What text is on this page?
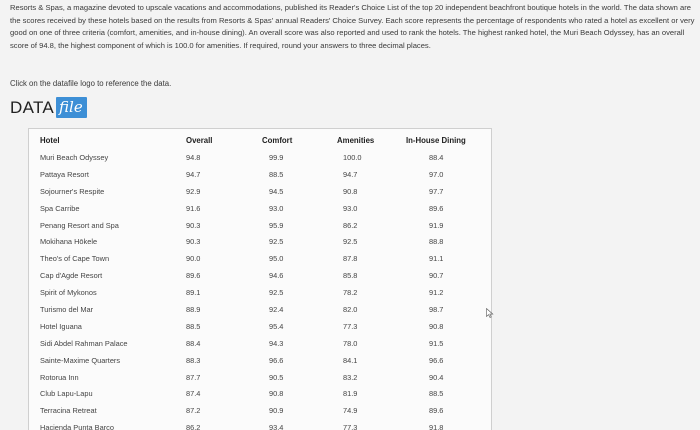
Resorts & Spas, a magazine devoted to upscale vacations and accommodations, published its Reader's Choice List of the top 20 independent beachfront boutique hotels in the world. The data shown are the scores received by these hotels based on the results from Resorts & Spas' annual Readers' Choice Survey. Each score represents the percentage of respondents who rated a hotel as excellent or very good on one of three criteria (comfort, amenities, and in-house dining). An overall score was also reported and used to rank the hotels. The highest ranked hotel, the Muri Beach Odyssey, has an overall score of 94.8, the highest component of which is 100.0 for amenities. If required, round your answers to three decimal places.
Click on the datafile logo to reference the data.
DATA file
Hotel	Overall	Comfort	Amenities	In-House Dining
Muri Beach Odyssey	94.8	99.9	100.0	88.4
Pattaya Resort	94.7	88.5	94.7	97.0
Sojourner's Respite	92.9	94.5	90.8	97.7
Spa Carribe	91.6	93.0	93.0	89.6
Penang Resort and Spa	90.3	95.9	86.2	91.9
Mokihana Hōkele	90.3	92.5	92.5	88.8
Theo's of Cape Town	90.0	95.0	87.8	91.1
Cap d'Agde Resort	89.6	94.6	85.8	90.7
Spirit of Mykonos	89.1	92.5	78.2	91.2
Turismo del Mar	88.9	92.4	82.0	98.7
Hotel Iguana	88.5	95.4	77.3	90.8
Sidi Abdel Rahman Palace	88.4	94.3	78.0	91.5
Sainte-Maxime Quarters	88.3	96.6	84.1	96.6
Rotorua Inn	87.7	90.5	83.2	90.4
Club Lapu-Lapu	87.4	90.8	81.9	88.5
Terracina Retreat	87.2	90.9	74.9	89.6
Hacienda Punta Barco	86.2	93.4	77.3	91.8
